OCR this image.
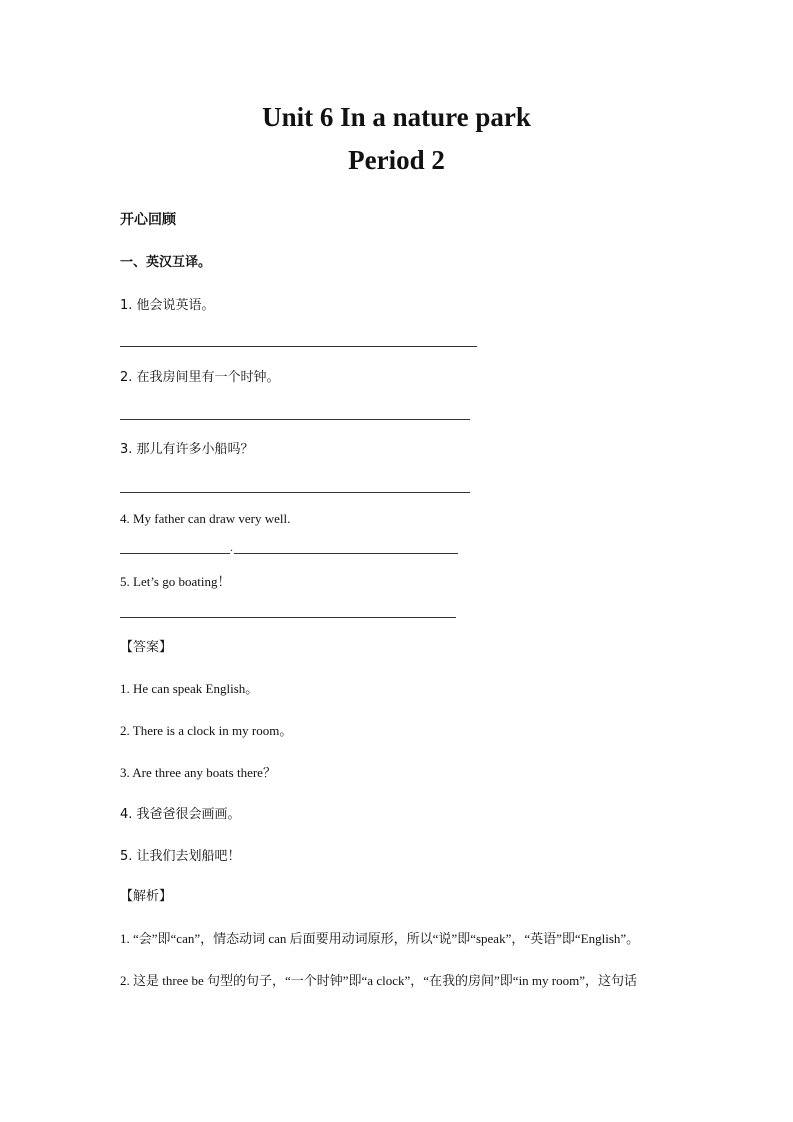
Unit 6 In a nature park
Period 2
开心回顾
一、英汉互译。
1. 他会说英语。
2. 在我房间里有一个时钟。
3. 那儿有许多小船吗？
4. My father can draw very well.
.
5. Let’s go boating！
【答案】
1. He can speak English。
2. There is a clock in my room。
3. Are three any boats there？
4. 我爸爸很会画画。
5. 让我们去划船吧！
【解析】
1. “会”即“can”，情态动词 can 后面要用动词原形，所以“说”即“speak”，“英语”即“English”。
2. 这是 three be 句型的句子，“一个时钟”即“a clock”，“在我的房间”即“in my room”，这句话
